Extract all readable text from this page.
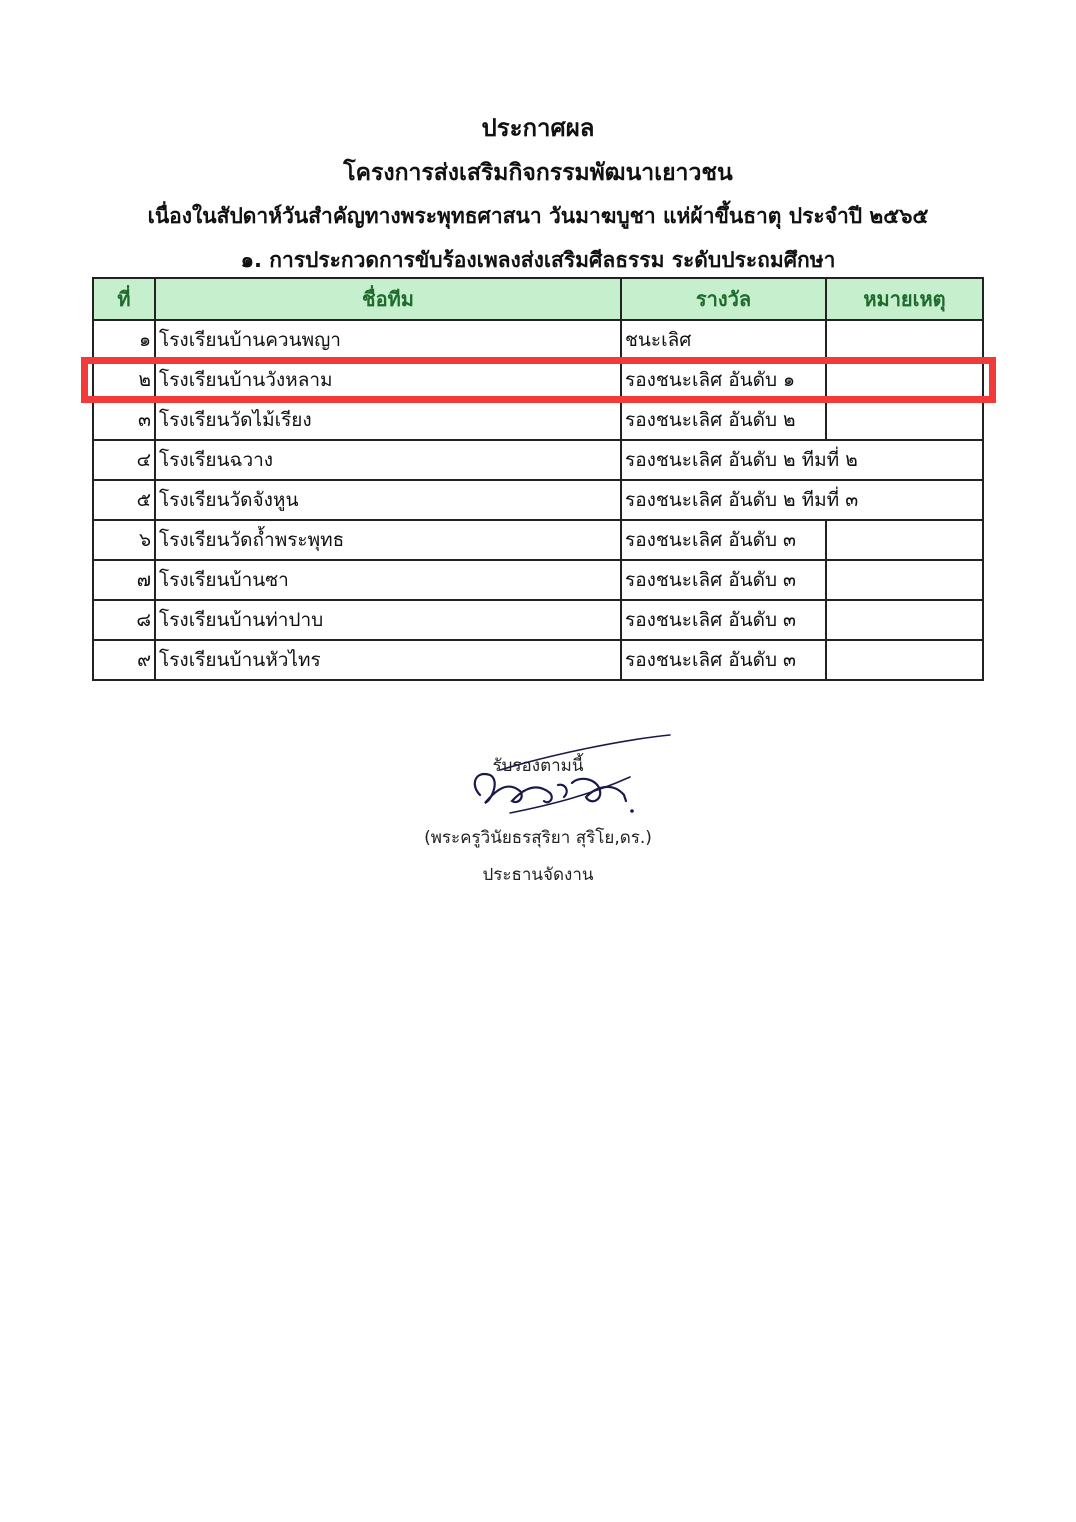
ประกาศผล
โครงการส่งเสริมกิจกรรมพัฒนาเยาวชน
เนื่องในสัปดาห์วันสำคัญทางพระพุทธศาสนา วันมาฆบูชา แห่ผ้าขึ้นธาตุ ประจำปี ๒๕๖๕
๑. การประกวดการขับร้องเพลงส่งเสริมศีลธรรม ระดับประถมศึกษา
ที่	ชื่อทีม	รางวัล	หมายเหตุ
๑	โรงเรียนบ้านควนพญา	ชนะเลิศ	
๒	โรงเรียนบ้านวังหลาม	รองชนะเลิศ อันดับ ๑	
๓	โรงเรียนวัดไม้เรียง	รองชนะเลิศ อันดับ ๒	
๔	โรงเรียนฉวาง	รองชนะเลิศ อันดับ ๒ ทีมที่ ๒	
๕	โรงเรียนวัดจังหูน	รองชนะเลิศ อันดับ ๒ ทีมที่ ๓	
๖	โรงเรียนวัดถ้ำพระพุทธ	รองชนะเลิศ อันดับ ๓	
๗	โรงเรียนบ้านซา	รองชนะเลิศ อันดับ ๓	
๘	โรงเรียนบ้านท่าปาบ	รองชนะเลิศ อันดับ ๓	
๙	โรงเรียนบ้านหัวไทร	รองชนะเลิศ อันดับ ๓	
รับรองตามนี้
(พระครูวินัยธรสุริยา สุริโย,ดร.)
ประธานจัดงาน
